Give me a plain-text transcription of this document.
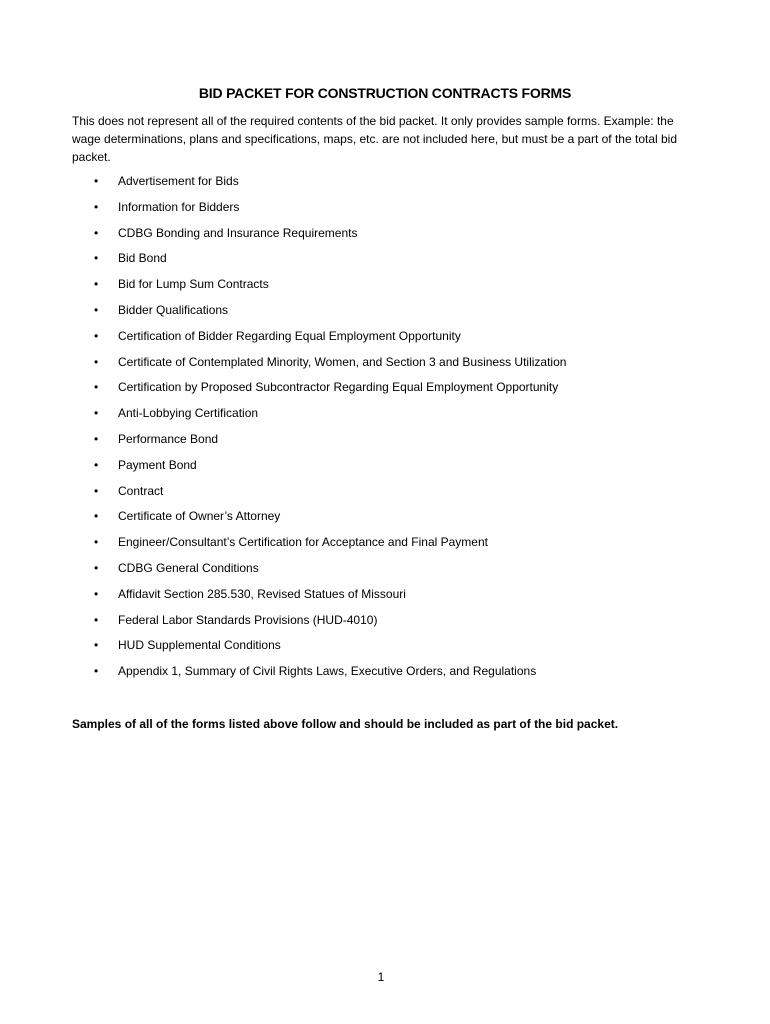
BID PACKET FOR CONSTRUCTION CONTRACTS FORMS
This does not represent all of the required contents of the bid packet. It only provides sample forms. Example: the wage determinations, plans and specifications, maps, etc. are not included here, but must be a part of the total bid packet.
•	Advertisement for Bids
•	Information for Bidders
•	CDBG Bonding and Insurance Requirements
•	Bid Bond
•	Bid for Lump Sum Contracts
•	Bidder Qualifications
•	Certification of Bidder Regarding Equal Employment Opportunity
•	Certificate of Contemplated Minority, Women, and Section 3 and Business Utilization
•	Certification by Proposed Subcontractor Regarding Equal Employment Opportunity
•	Anti-Lobbying Certification
•	Performance Bond
•	Payment Bond
•	Contract
•	Certificate of Owner’s Attorney
•	Engineer/Consultant’s Certification for Acceptance and Final Payment
•	CDBG General Conditions
•	Affidavit Section 285.530, Revised Statues of Missouri
•	Federal Labor Standards Provisions (HUD-4010)
•	HUD Supplemental Conditions
•	Appendix 1, Summary of Civil Rights Laws, Executive Orders, and Regulations
Samples of all of the forms listed above follow and should be included as part of the bid packet.
1
